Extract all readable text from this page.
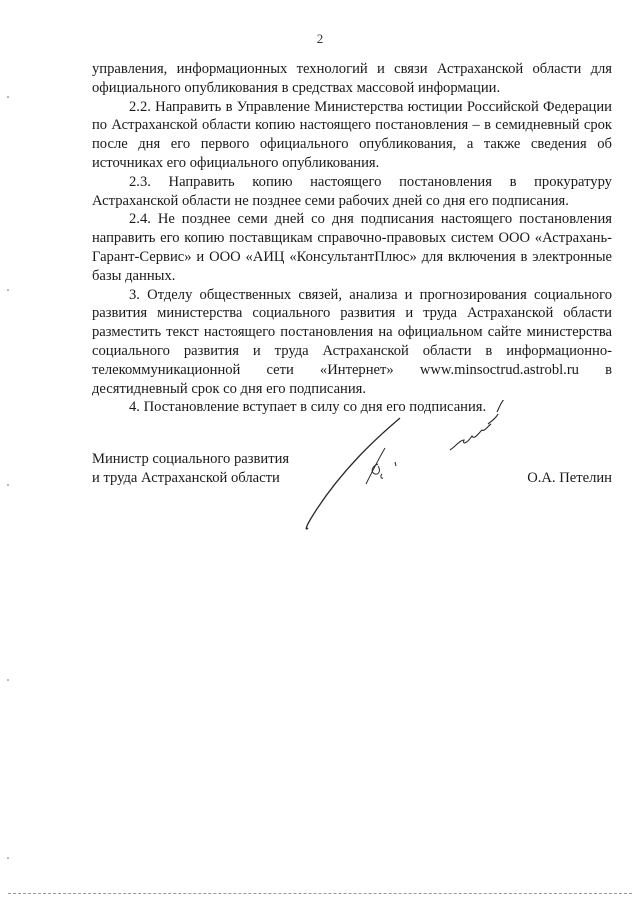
2

управления, информационных технологий и связи Астраханской области для официального опубликования в средствах массовой информации.

2.2. Направить в Управление Министерства юстиции Российской Федерации по Астраханской области копию настоящего постановления – в семидневный срок после дня его первого официального опубликования, а также сведения об источниках его официального опубликования.

2.3. Направить копию настоящего постановления в прокуратуру Астраханской области не позднее семи рабочих дней со дня его подписания.

2.4. Не позднее семи дней со дня подписания настоящего постановления направить его копию поставщикам справочно-правовых систем ООО «Астрахань-Гарант-Сервис» и ООО «АИЦ «КонсультантПлюс» для включения в электронные базы данных.

3. Отделу общественных связей, анализа и прогнозирования социального развития министерства социального развития и труда Астраханской области разместить текст настоящего постановления на официальном сайте министерства социального развития и труда Астраханской области в информационно-телекоммуникационной сети «Интернет» www.minsoctrud.astrobl.ru в десятидневный срок со дня его подписания.

4. Постановление вступает в силу со дня его подписания.

Министр социального развития
и труда Астраханской области	О.А. Петелин
